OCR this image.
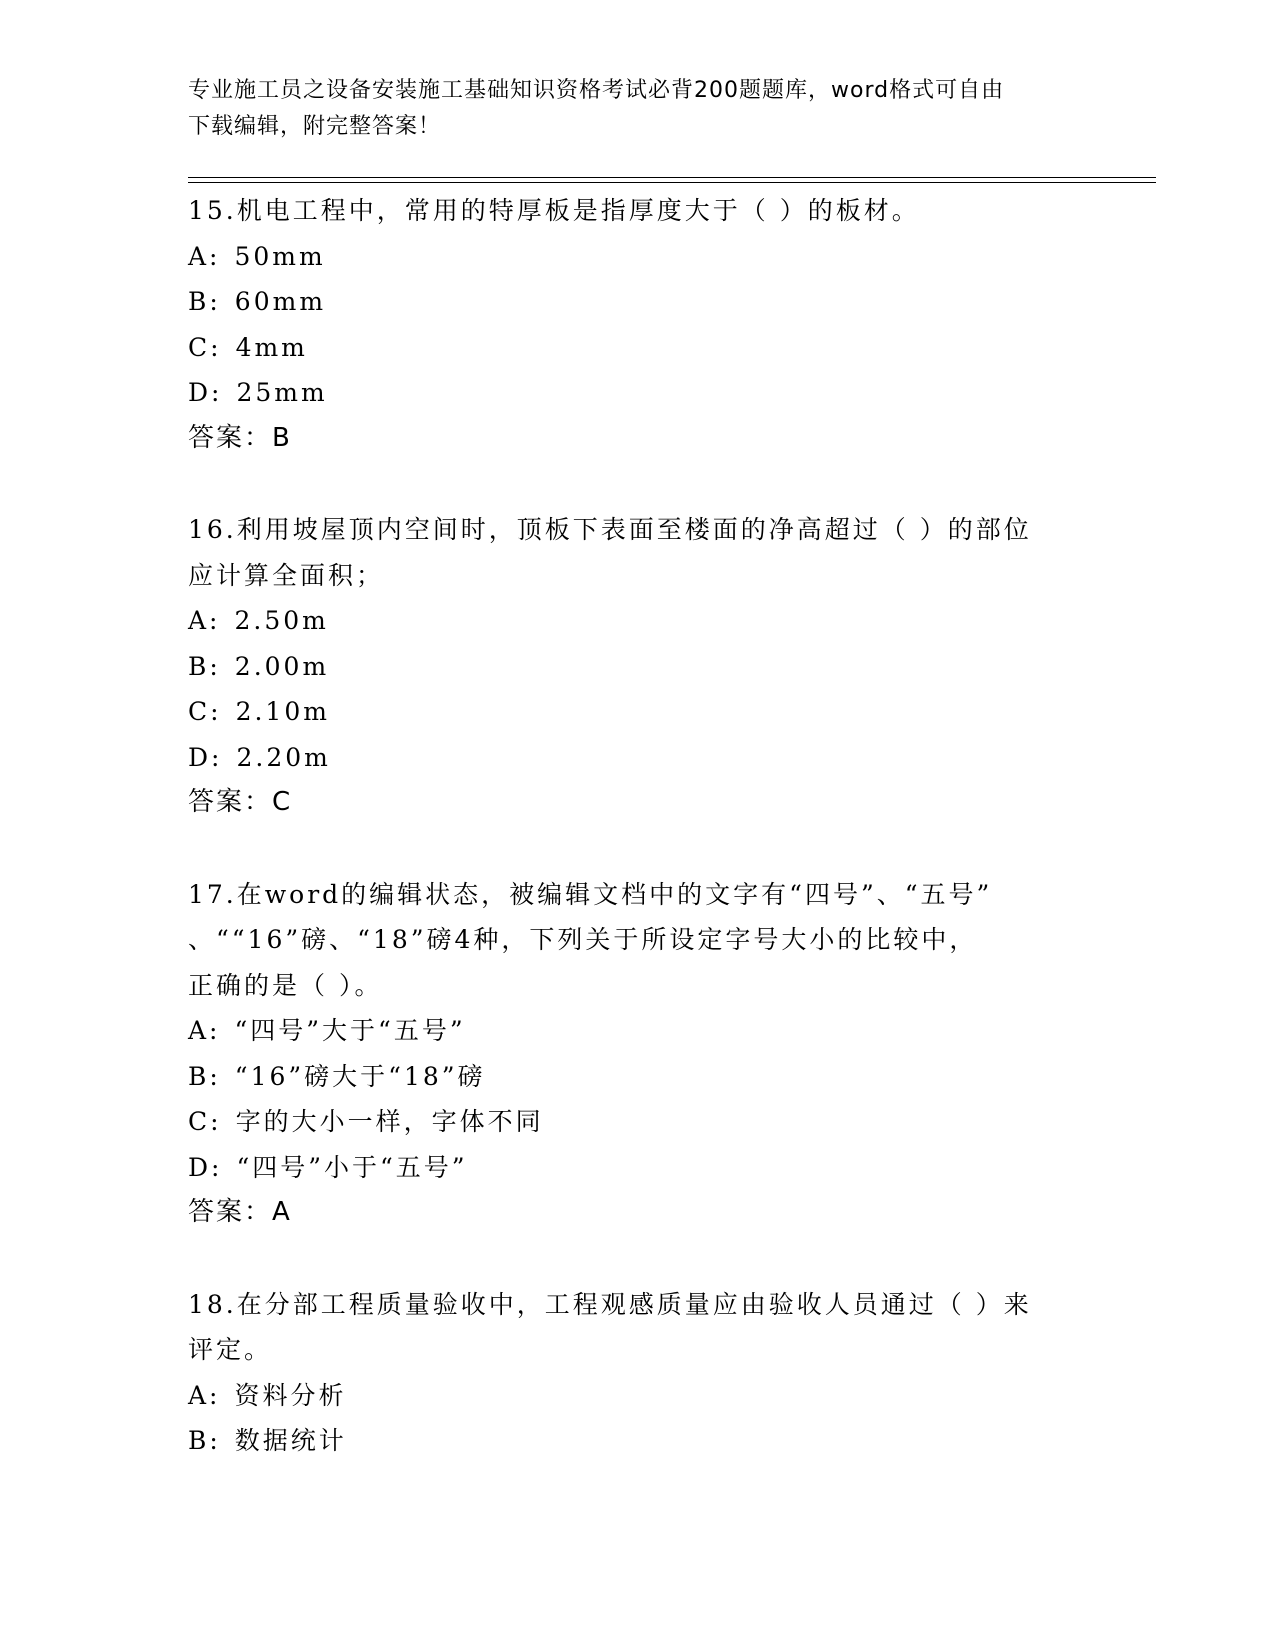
专业施工员之设备安装施工基础知识资格考试必背200题题库，word格式可自由
下载编辑，附完整答案！
15.机电工程中，常用的特厚板是指厚度大于（ ）的板材。
A: 50mm
B: 60mm
C: 4mm
D: 25mm
答案：B
16.利用坡屋顶内空间时，顶板下表面至楼面的净高超过（ ）的部位
应计算全面积；
A: 2.50m
B: 2.00m
C: 2.10m
D: 2.20m
答案：C
17.在word的编辑状态，被编辑文档中的文字有“四号”、“五号”
、““16”磅、“18”磅4种，下列关于所设定字号大小的比较中，
正确的是（ ）。
A: “四号”大于“五号”
B: “16”磅大于“18”磅
C: 字的大小一样，字体不同
D: “四号”小于“五号”
答案：A
18.在分部工程质量验收中，工程观感质量应由验收人员通过（ ）来
评定。
A: 资料分析
B: 数据统计
